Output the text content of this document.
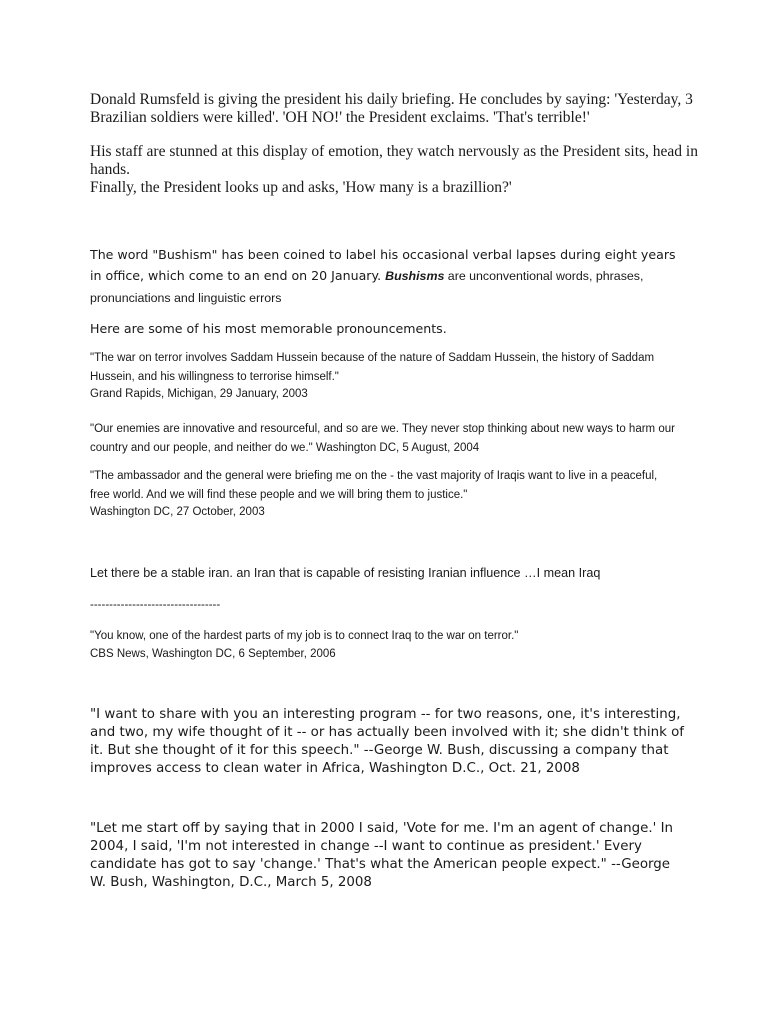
Donald Rumsfeld is giving the president his daily briefing. He concludes by saying: 'Yesterday, 3 Brazilian soldiers were killed'. 'OH NO!' the President exclaims. 'That's terrible!'

His staff are stunned at this display of emotion, they watch nervously as the President sits, head in hands.

Finally, the President looks up and asks, 'How many is a brazillion?'

The word "Bushism" has been coined to label his occasional verbal lapses during eight years in office, which come to an end on 20 January. Bushisms are unconventional words, phrases, pronunciations and linguistic errors

Here are some of his most memorable pronouncements.

"The war on terror involves Saddam Hussein because of the nature of Saddam Hussein, the history of Saddam Hussein, and his willingness to terrorise himself."

Grand Rapids, Michigan, 29 January, 2003

"Our enemies are innovative and resourceful, and so are we. They never stop thinking about new ways to harm our country and our people, and neither do we." Washington DC, 5 August, 2004

"The ambassador and the general were briefing me on the - the vast majority of Iraqis want to live in a peaceful, free world. And we will find these people and we will bring them to justice."

Washington DC, 27 October, 2003

Let there be a stable iran. an Iran that is capable of resisting Iranian influence …I mean Iraq

----------------------------------

"You know, one of the hardest parts of my job is to connect Iraq to the war on terror."

CBS News, Washington DC, 6 September, 2006

"I want to share with you an interesting program -- for two reasons, one, it's interesting, and two, my wife thought of it -- or has actually been involved with it; she didn't think of it. But she thought of it for this speech." --George W. Bush, discussing a company that improves access to clean water in Africa, Washington D.C., Oct. 21, 2008

"Let me start off by saying that in 2000 I said, 'Vote for me. I'm an agent of change.' In 2004, I said, 'I'm not interested in change --I want to continue as president.' Every candidate has got to say 'change.' That's what the American people expect." --George W. Bush, Washington, D.C., March 5, 2008
